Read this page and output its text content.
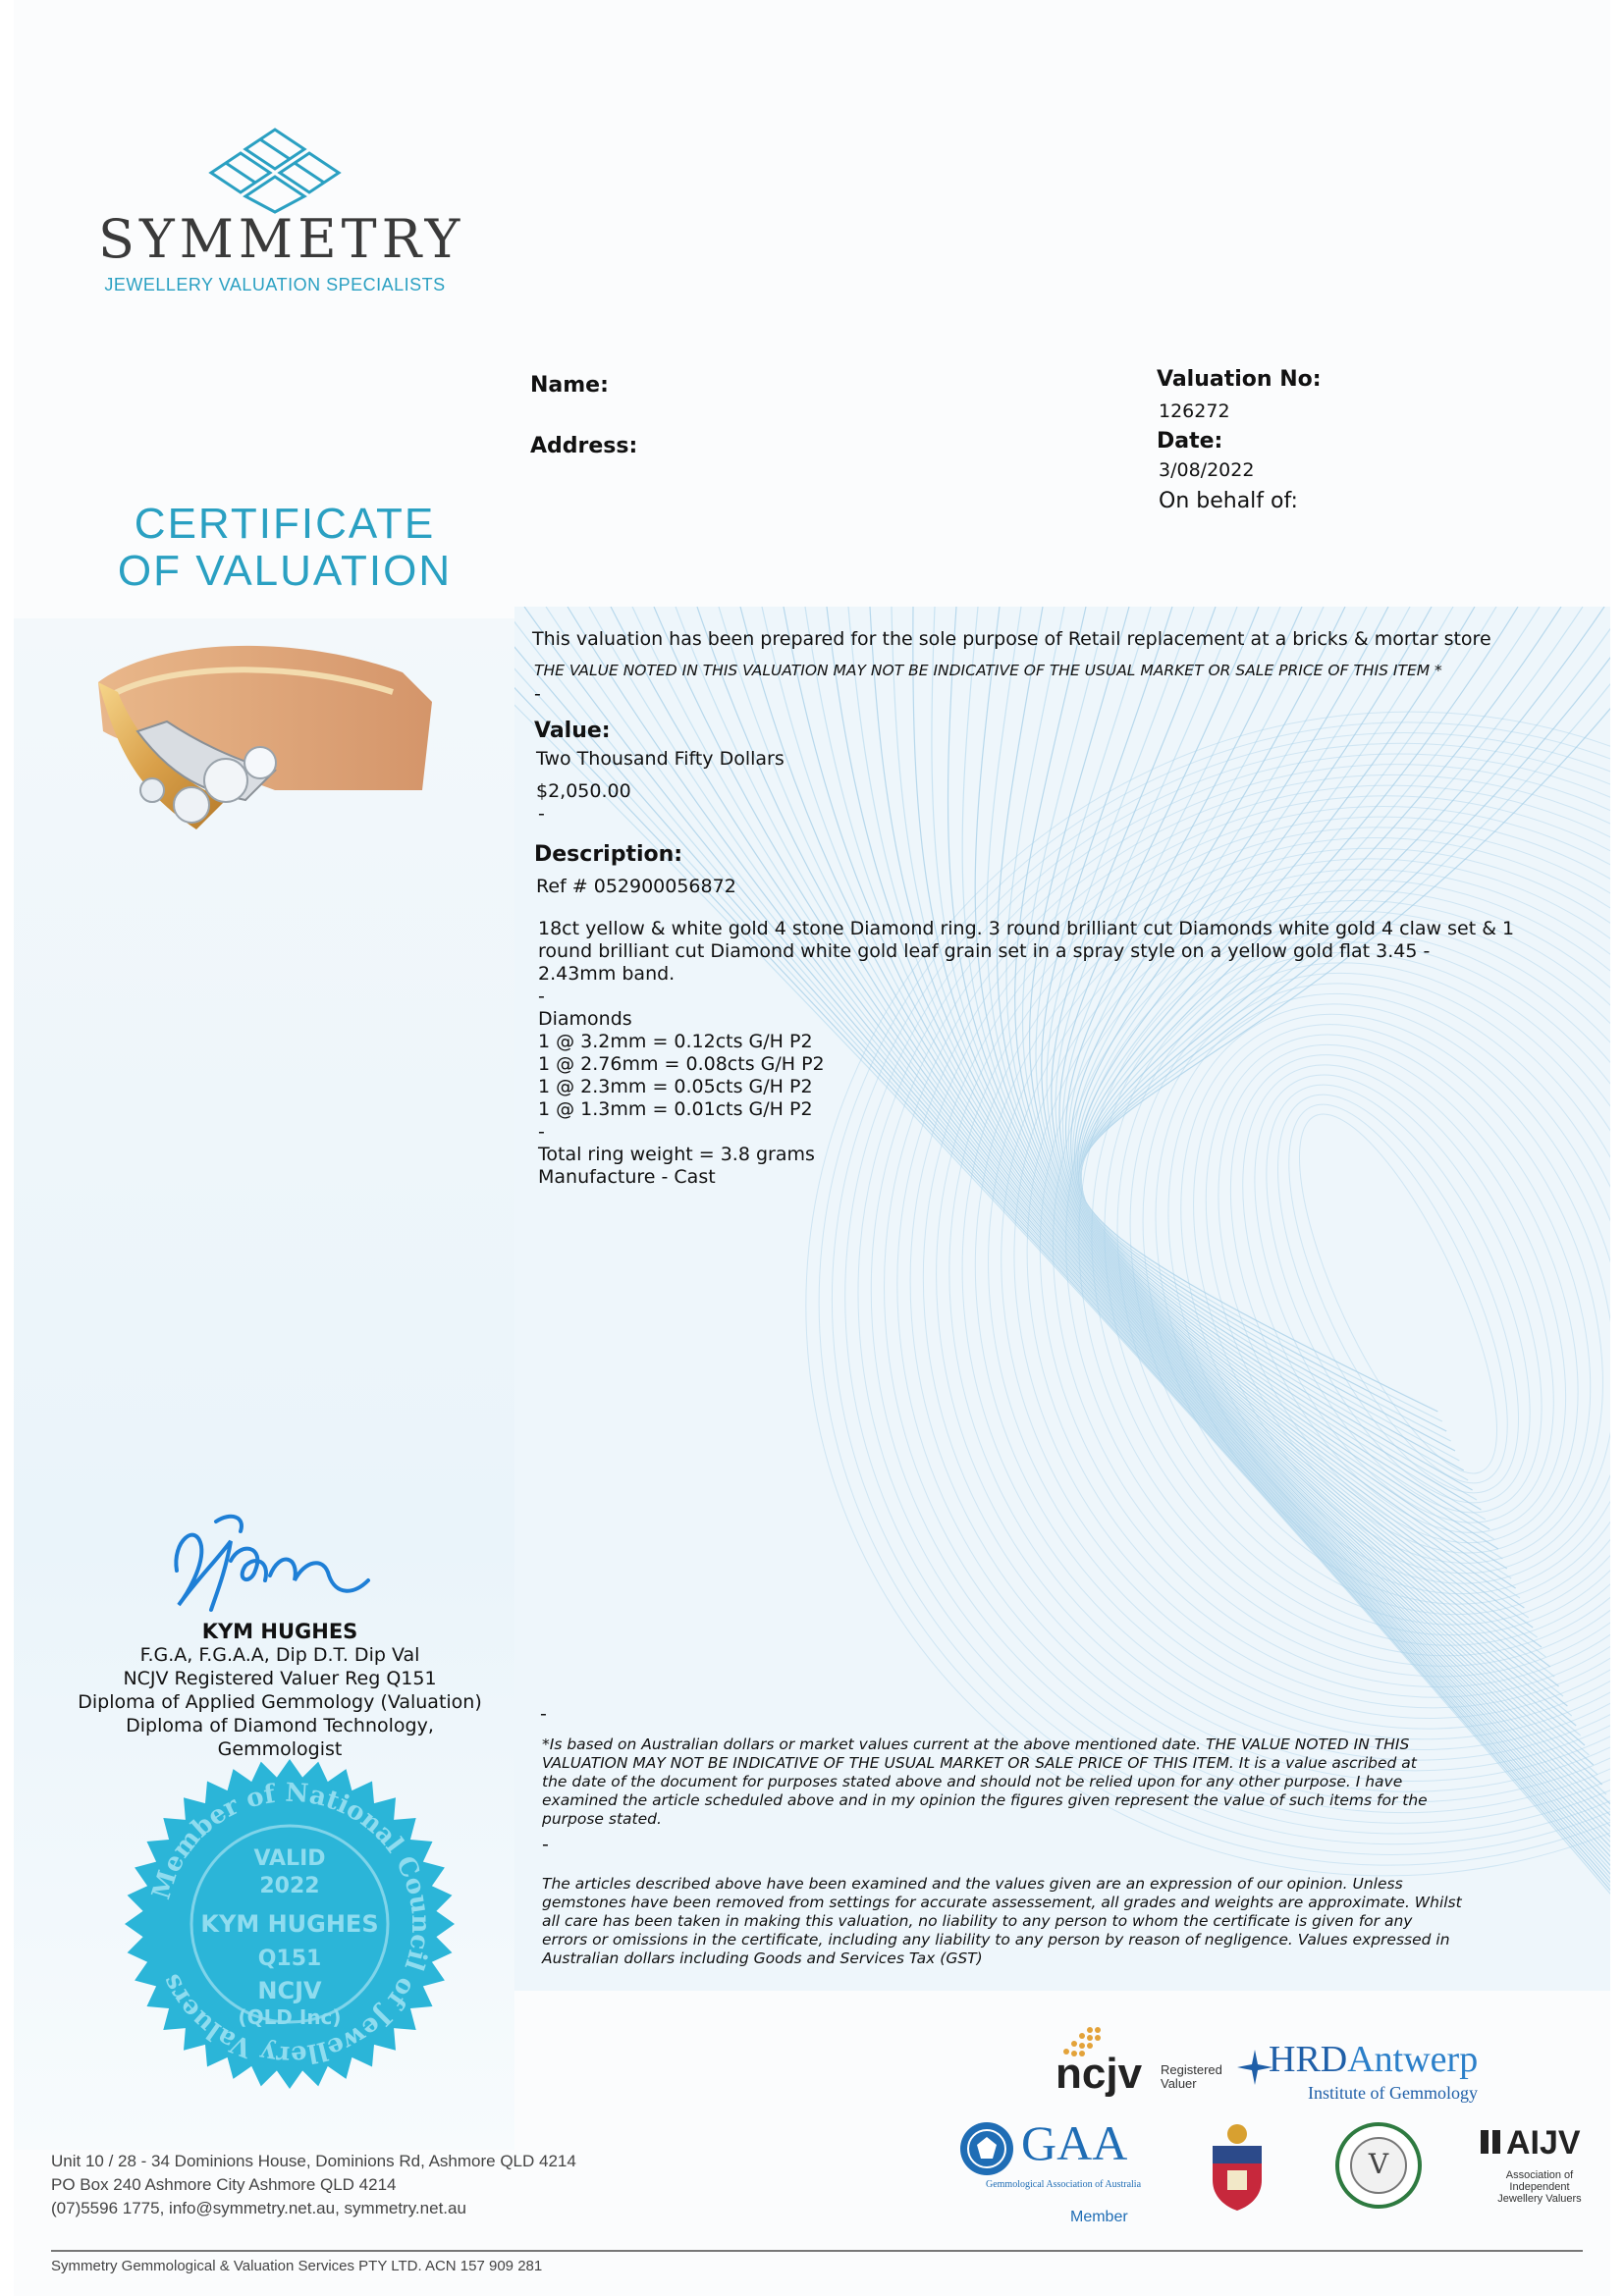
SYMMETRY
JEWELLERY VALUATION SPECIALISTS
CERTIFICATE
OF VALUATION
Name:
Address:
Valuation No:
126272
Date:
3/08/2022
On behalf of:
This valuation has been prepared for the sole purpose of Retail replacement at a bricks & mortar store
THE VALUE NOTED IN THIS VALUATION MAY NOT BE INDICATIVE OF THE USUAL MARKET OR SALE PRICE OF THIS ITEM *
-
Value:
Two Thousand Fifty Dollars
$2,050.00
-
Description:
Ref # 052900056872
18ct yellow & white gold 4 stone Diamond ring. 3 round brilliant cut Diamonds white gold 4 claw set & 1
round brilliant cut Diamond white gold leaf grain set in a spray style on a yellow gold flat 3.45 -
2.43mm band.
-
Diamonds
1 @ 3.2mm = 0.12cts G/H P2
1 @ 2.76mm = 0.08cts G/H P2
1 @ 2.3mm = 0.05cts G/H P2
1 @ 1.3mm = 0.01cts G/H P2
-
Total ring weight = 3.8 grams
Manufacture - Cast
-
*Is based on Australian dollars or market values current at the above mentioned date. THE VALUE NOTED IN THIS
VALUATION MAY NOT BE INDICATIVE OF THE USUAL MARKET OR SALE PRICE OF THIS ITEM. It is a value ascribed at
the date of the document for purposes stated above and should not be relied upon for any other purpose. I have
examined the article scheduled above and in my opinion the figures given represent the value of such items for the
purpose stated.
-
The articles described above have been examined and the values given are an expression of our opinion. Unless
gemstones have been removed from settings for accurate assessement, all grades and weights are approximate. Whilst
all care has been taken in making this valuation, no liability to any person to whom the certificate is given for any
errors or omissions in the certificate, including any liability to any person by reason of negligence. Values expressed in
Australian dollars including Goods and Services Tax (GST)
KYM HUGHES
F.G.A, F.G.A.A, Dip D.T. Dip Val
NCJV Registered Valuer Reg Q151
Diploma of Applied Gemmology (Valuation)
Diploma of Diamond Technology,
Gemmologist
Member of National Council of Jewellery Valuers
VALID
2022
KYM HUGHES
Q151
NCJV
(QLD Inc)
Unit 10 / 28 - 34 Dominions House, Dominions Rd, Ashmore QLD 4214
PO Box 240 Ashmore City Ashmore QLD 4214
(07)5596 1775, info@symmetry.net.au, symmetry.net.au
Symmetry Gemmological & Valuation Services PTY LTD. ACN 157 909 281
ncjv Registered
Valuer
HRDAntwerp
Institute of Gemmology
GAA
Gemmological Association of Australia
Member
V
AIJV
Association of
Independent
Jewellery Valuers
